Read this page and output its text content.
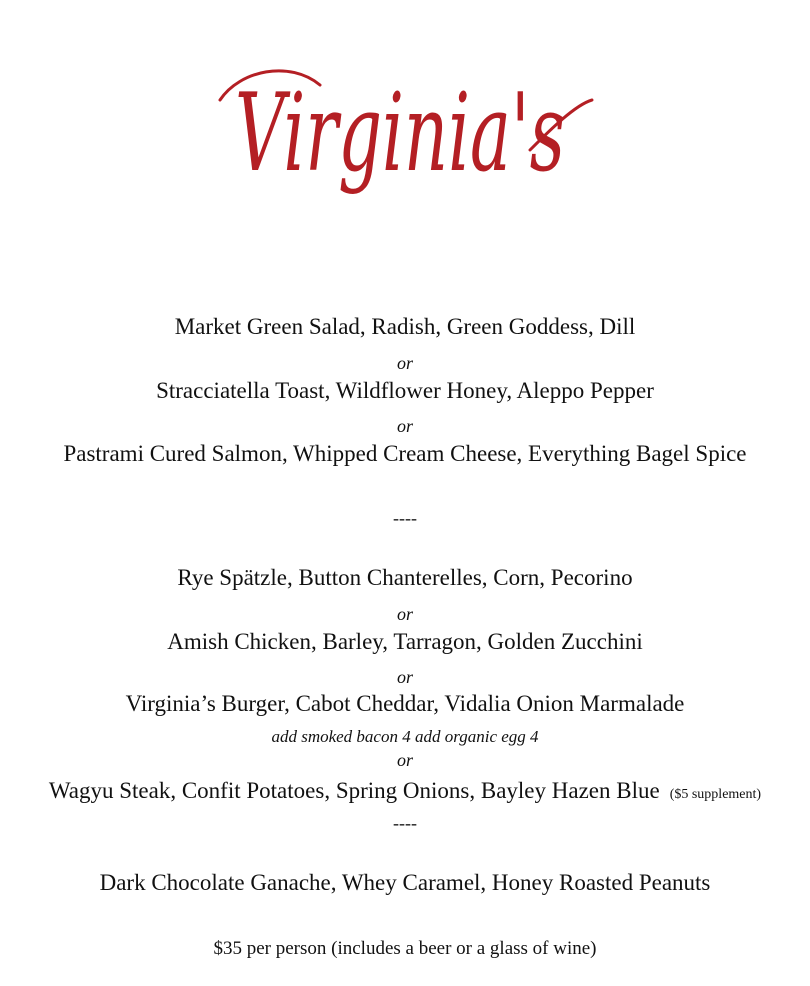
Virginia's
Market Green Salad, Radish, Green Goddess, Dill
or
Stracciatella Toast, Wildflower Honey, Aleppo Pepper
or
Pastrami Cured Salmon, Whipped Cream Cheese, Everything Bagel Spice
----
Rye Spätzle, Button Chanterelles, Corn, Pecorino
or
Amish Chicken, Barley, Tarragon, Golden Zucchini
or
Virginia’s Burger, Cabot Cheddar, Vidalia Onion Marmalade
add smoked bacon 4 add organic egg 4
or
Wagyu Steak, Confit Potatoes, Spring Onions, Bayley Hazen Blue ($5 supplement)
----
Dark Chocolate Ganache, Whey Caramel, Honey Roasted Peanuts
$35 per person (includes a beer or a glass of wine)
